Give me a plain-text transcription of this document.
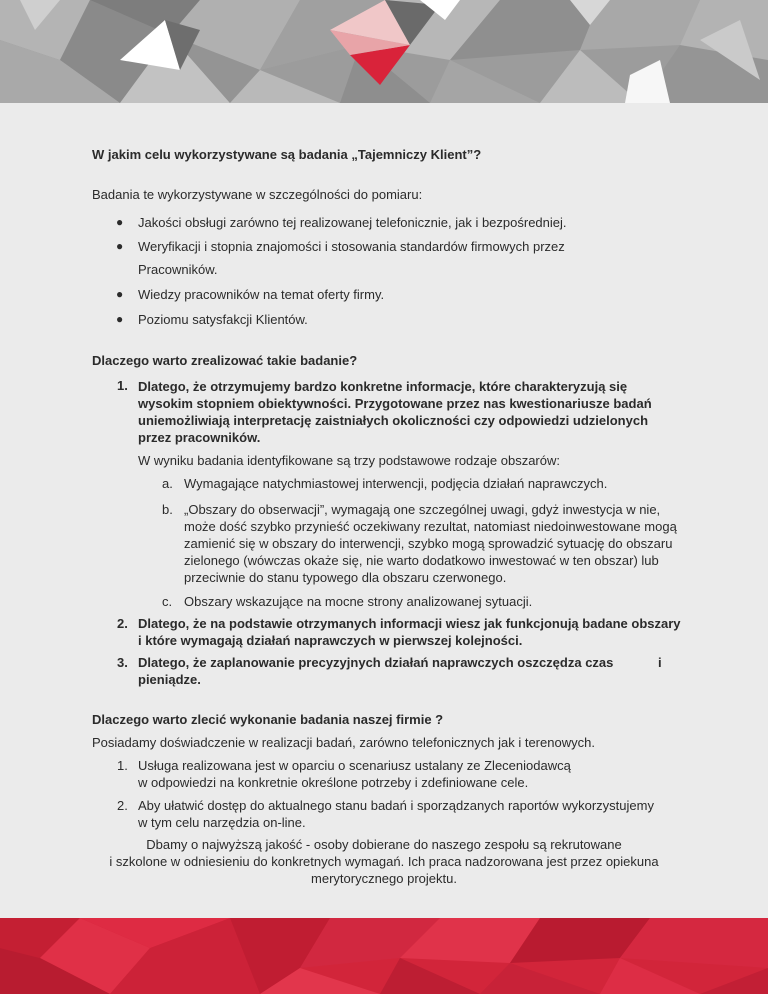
W jakim celu wykorzystywane są badania „Tajemniczy Klient”?
Badania te wykorzystywane w szczególności do pomiaru:
● Jakości obsługi zarówno tej realizowanej telefonicznie, jak i bezpośredniej.
● Weryfikacji i stopnia znajomości i stosowania standardów firmowych przez
Pracowników.
● Wiedzy pracowników na temat oferty firmy.
● Poziomu satysfakcji Klientów.
Dlaczego warto zrealizować takie badanie?
1. Dlatego, że otrzymujemy bardzo konkretne informacje, które charakteryzują się
wysokim stopniem obiektywności. Przygotowane przez nas kwestionariusze badań
uniemożliwiają interpretację zaistniałych okoliczności czy odpowiedzi udzielonych
przez pracowników.
W wyniku badania identyfikowane są trzy podstawowe rodzaje obszarów:
a. Wymagające natychmiastowej interwencji, podjęcia działań naprawczych.
b. „Obszary do obserwacji”, wymagają one szczególnej uwagi, gdyż inwestycja w nie,
może dość szybko przynieść oczekiwany rezultat, natomiast niedoinwestowane mogą
zamienić się w obszary do interwencji, szybko mogą sprowadzić sytuację do obszaru
zielonego (wówczas okaże się, nie warto dodatkowo inwestować w ten obszar) lub
przeciwnie do stanu typowego dla obszaru czerwonego.
c. Obszary wskazujące na mocne strony analizowanej sytuacji.
2. Dlatego, że na podstawie otrzymanych informacji wiesz jak funkcjonują badane obszary
i które wymagają działań naprawczych w pierwszej kolejności.
3. Dlatego, że zaplanowanie precyzyjnych działań naprawczych oszczędza czas	i
pieniądze.
Dlaczego warto zlecić wykonanie badania naszej firmie ?
Posiadamy doświadczenie w realizacji badań, zarówno telefonicznych jak i terenowych.
1. Usługa realizowana jest w oparciu o scenariusz ustalany ze Zleceniodawcą
w odpowiedzi na konkretnie określone potrzeby i zdefiniowane cele.
2. Aby ułatwić dostęp do aktualnego stanu badań i sporządzanych raportów wykorzystujemy
w tym celu narzędzia on-line.
Dbamy o najwyższą jakość - osoby dobierane do naszego zespołu są rekrutowane
i szkolone w odniesieniu do konkretnych wymagań. Ich praca nadzorowana jest przez opiekuna
merytorycznego projektu.
